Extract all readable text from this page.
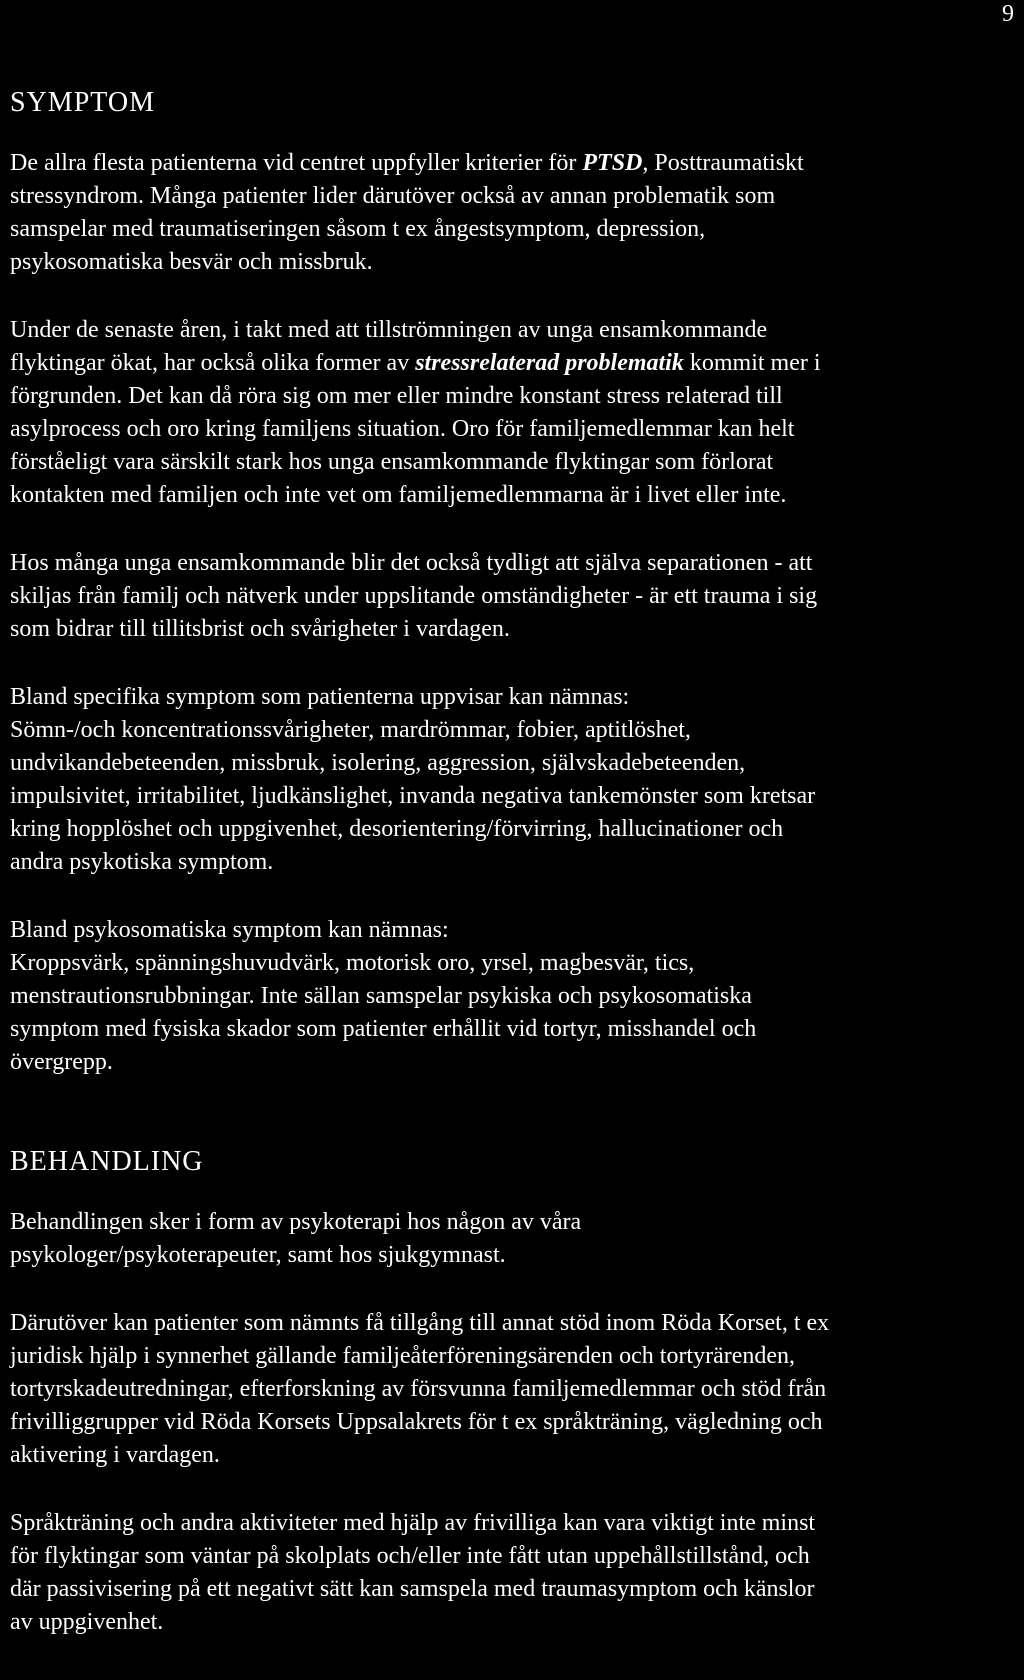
9
SYMPTOM

De allra flesta patienterna vid centret uppfyller kriterier för PTSD, Posttraumatiskt
stressyndrom. Många patienter lider därutöver också av annan problematik som
samspelar med traumatiseringen såsom t ex ångestsymptom, depression,
psykosomatiska besvär och missbruk.

Under de senaste åren, i takt med att tillströmningen av unga ensamkommande
flyktingar ökat, har också olika former av stressrelaterad problematik kommit mer i
förgrunden. Det kan då röra sig om mer eller mindre konstant stress relaterad till
asylprocess och oro kring familjens situation. Oro för familjemedlemmar kan helt
förståeligt vara särskilt stark hos unga ensamkommande flyktingar som förlorat
kontakten med familjen och inte vet om familjemedlemmarna är i livet eller inte.

Hos många unga ensamkommande blir det också tydligt att själva separationen - att
skiljas från familj och nätverk under uppslitande omständigheter - är ett trauma i sig
som bidrar till tillitsbrist och svårigheter i vardagen.

Bland specifika symptom som patienterna uppvisar kan nämnas:
Sömn-/och koncentrationssvårigheter, mardrömmar, fobier, aptitlöshet,
undvikandebeteenden, missbruk, isolering, aggression, självskadebeteenden,
impulsivitet, irritabilitet, ljudkänslighet, invanda negativa tankemönster som kretsar
kring hopplöshet och uppgivenhet, desorientering/förvirring, hallucinationer och
andra psykotiska symptom.

Bland psykosomatiska symptom kan nämnas:
Kroppsvärk, spänningshuvudvärk, motorisk oro, yrsel, magbesvär, tics,
menstrautionsrubbningar. Inte sällan samspelar psykiska och psykosomatiska
symptom med fysiska skador som patienter erhållit vid tortyr, misshandel och
övergrepp.

BEHANDLING

Behandlingen sker i form av psykoterapi hos någon av våra
psykologer/psykoterapeuter, samt hos sjukgymnast.

Därutöver kan patienter som nämnts få tillgång till annat stöd inom Röda Korset, t ex
juridisk hjälp i synnerhet gällande familjeåterföreningsärenden och tortyrärenden,
tortyrskadeutredningar, efterforskning av försvunna familjemedlemmar och stöd från
frivilliggrupper vid Röda Korsets Uppsalakrets för t ex språkträning, vägledning och
aktivering i vardagen.

Språkträning och andra aktiviteter med hjälp av frivilliga kan vara viktigt inte minst
för flyktingar som väntar på skolplats och/eller inte fått utan uppehållstillstånd, och
där passivisering på ett negativt sätt kan samspela med traumasymptom och känslor
av uppgivenhet.
